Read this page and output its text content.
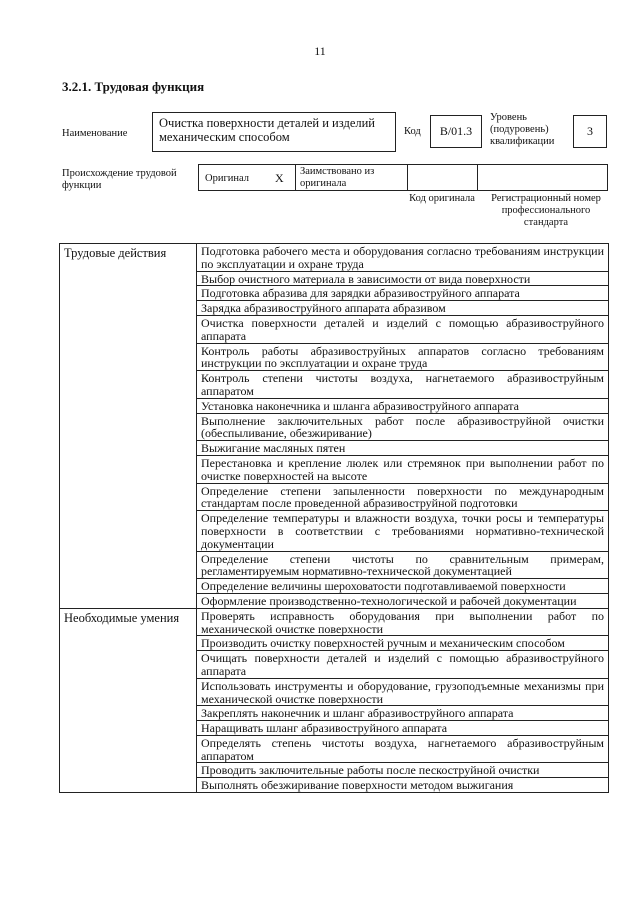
11
3.2.1. Трудовая функция
Наименование
Очистка поверхности деталей и изделий механическим способом	Код	В/01.3
Уровень (подуровень) квалификации
3
Происхождение трудовой функции
Оригинал Х Заимствовано из оригинала
Код оригинала	Регистрационный номер профессионального стандарта
Трудовые действия	Подготовка рабочего места и оборудования согласно требованиям инструкции по эксплуатации и охране труда
	Выбор очистного материала в зависимости от вида поверхности
	Подготовка абразива для зарядки абразивоструйного аппарата
	Зарядка абразивоструйного аппарата абразивом
	Очистка поверхности деталей и изделий с помощью абразивоструйного аппарата
	Контроль работы абразивоструйных аппаратов согласно требованиям инструкции по эксплуатации и охране труда
	Контроль степени чистоты воздуха, нагнетаемого абразивоструйным аппаратом
	Установка наконечника и шланга абразивоструйного аппарата
	Выполнение заключительных работ после абразивоструйной очистки (обеспыливание, обезжиривание)
	Выжигание масляных пятен
	Перестановка и крепление люлек или стремянок при выполнении работ по очистке поверхностей на высоте
	Определение степени запыленности поверхности по международным стандартам после проведенной абразивоструйной подготовки
	Определение температуры и влажности воздуха, точки росы и температуры поверхности в соответствии с требованиями нормативно-технической документации
	Определение степени чистоты по сравнительным примерам, регламентируемым нормативно-технической документацией
	Определение величины шероховатости подготавливаемой поверхности
	Оформление производственно-технологической и рабочей документации
Необходимые умения	Проверять исправность оборудования при выполнении работ по механической очистке поверхности
	Производить очистку поверхностей ручным и механическим способом
	Очищать поверхности деталей и изделий с помощью абразивоструйного аппарата
	Использовать инструменты и оборудование, грузоподъемные механизмы при механической очистке поверхности
	Закреплять наконечник и шланг абразивоструйного аппарата
	Наращивать шланг абразивоструйного аппарата
	Определять степень чистоты воздуха, нагнетаемого абразивоструйным аппаратом
	Проводить заключительные работы после пескоструйной очистки
	Выполнять обезжиривание поверхности методом выжигания
